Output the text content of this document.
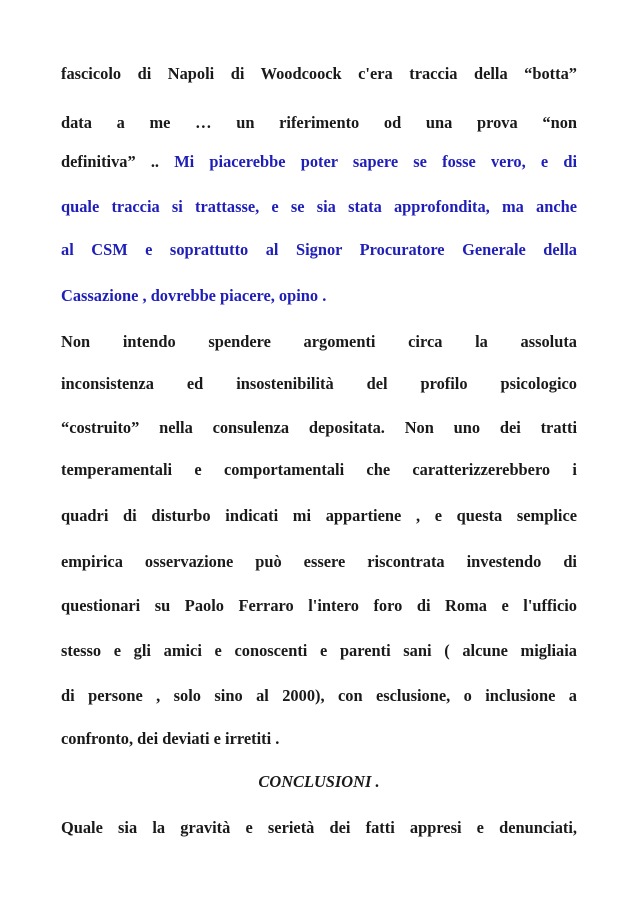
fascicolo di Napoli di Woodcoock c'era traccia della “botta”
data a me … un riferimento od una prova “non
definitiva” .. Mi piacerebbe poter sapere se fosse vero, e di
quale traccia si trattasse, e se sia stata approfondita, ma anche
al CSM e soprattutto al Signor Procuratore Generale della
Cassazione , dovrebbe piacere, opino .
Non intendo spendere argomenti circa la assoluta
inconsistenza ed insostenibilità del profilo psicologico
“costruito” nella consulenza depositata. Non uno dei tratti
temperamentali e comportamentali che caratterizzerebbero i
quadri di disturbo indicati mi appartiene , e questa semplice
empirica osservazione può essere riscontrata investendo di
questionari su Paolo Ferraro l'intero foro di Roma e l'ufficio
stesso e gli amici e conoscenti e parenti sani ( alcune migliaia
di persone , solo sino al 2000), con esclusione, o inclusione a
confronto, dei deviati e irretiti .
CONCLUSIONI .
Quale sia la gravità e serietà dei fatti appresi e denunciati,
